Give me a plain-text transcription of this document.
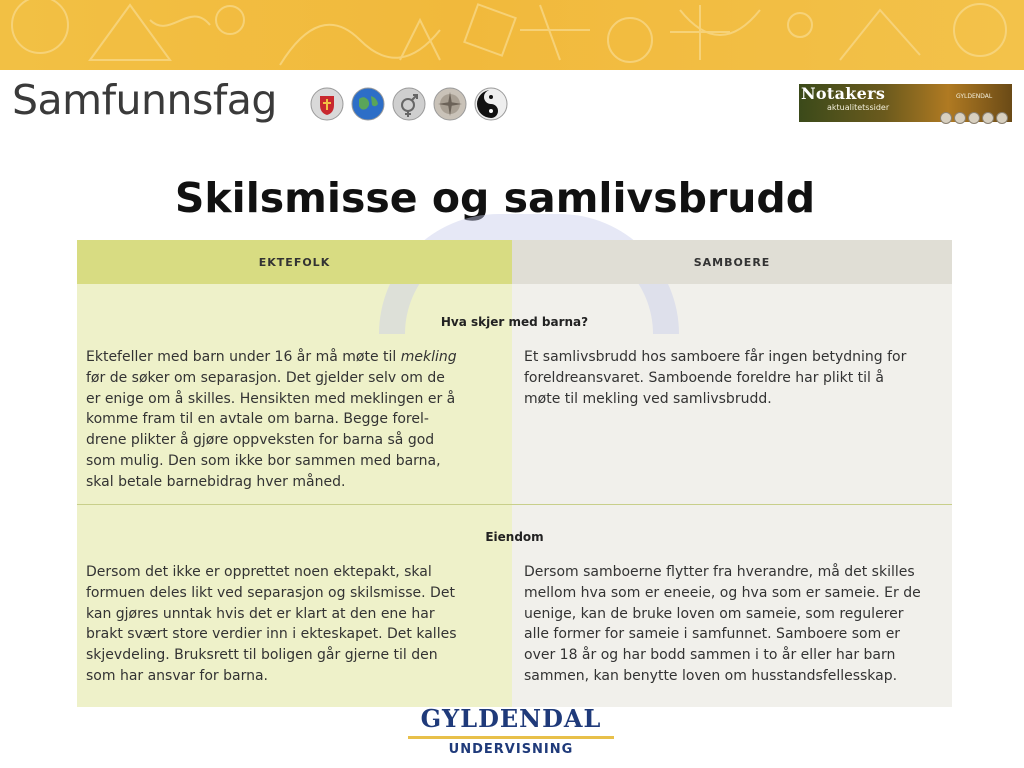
Samfunnsfag	Notakers
aktualitetssider
GYLDENDAL
Skilsmisse og samlivsbrudd
EKTEFOLK	SAMBOERE
Hva skjer med barna?
Ektefeller med barn under 16 år må møte til mekling
før de søker om separasjon. Det gjelder selv om de
er enige om å skilles. Hensikten med meklingen er å
komme fram til en avtale om barna. Begge forel-
drene plikter å gjøre oppveksten for barna så god
som mulig. Den som ikke bor sammen med barna,
skal betale barnebidrag hver måned.
Et samlivsbrudd hos samboere får ingen betydning for
foreldreansvaret. Samboende foreldre har plikt til å
møte til mekling ved samlivsbrudd.
Eiendom
Dersom det ikke er opprettet noen ektepakt, skal
formuen deles likt ved separasjon og skilsmisse. Det
kan gjøres unntak hvis det er klart at den ene har
brakt svært store verdier inn i ekteskapet. Det kalles
skjevdeling. Bruksrett til boligen går gjerne til den
som har ansvar for barna.
Dersom samboerne flytter fra hverandre, må det skilles
mellom hva som er eneeie, og hva som er sameie. Er de
uenige, kan de bruke loven om sameie, som regulerer
alle former for sameie i samfunnet. Samboere som er
over 18 år og har bodd sammen i to år eller har barn
sammen, kan benytte loven om husstandsfellesskap.
GYLDENDAL
UNDERVISNING
